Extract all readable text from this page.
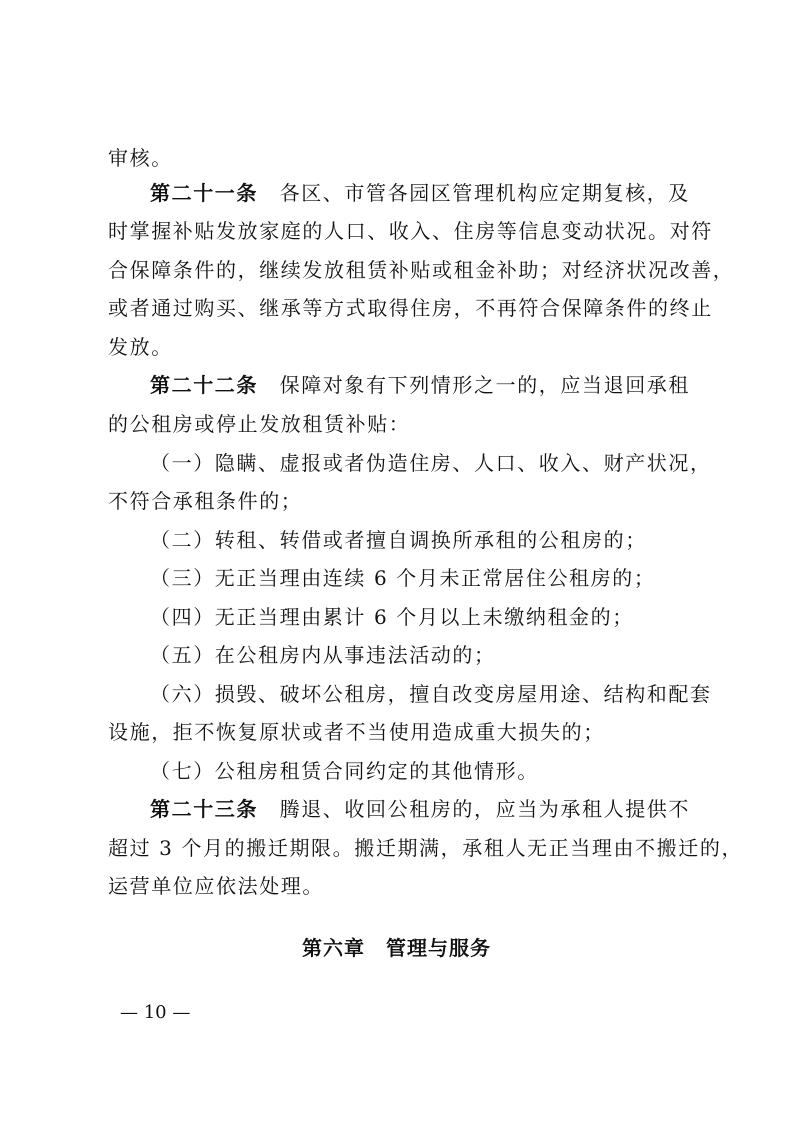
审核。
第二十一条　 各区、市管各园区管理机构应定期复核，及
时掌握补贴发放家庭的人口、收入、住房等信息变动状况。对符
合保障条件的，继续发放租赁补贴或租金补助；对经济状况改善，
或者通过购买、继承等方式取得住房，不再符合保障条件的终止
发放。
第二十二条　 保障对象有下列情形之一的，应当退回承租
的公租房或停止发放租赁补贴：
（一）隐瞒、虚报或者伪造住房、人口、收入、财产状况，
不符合承租条件的；
（二）转租、转借或者擅自调换所承租的公租房的；
（三）无正当理由连续 6 个月未正常居住公租房的；
（四）无正当理由累计 6 个月以上未缴纳租金的；
（五）在公租房内从事违法活动的；
（六）损毁、破坏公租房，擅自改变房屋用途、结构和配套
设施，拒不恢复原状或者不当使用造成重大损失的；
（七）公租房租赁合同约定的其他情形。
第二十三条　 腾退、收回公租房的，应当为承租人提供不
超过 3 个月的搬迁期限。搬迁期满，承租人无正当理由不搬迁的，
运营单位应依法处理。
第六章　管理与服务
— 10 —
